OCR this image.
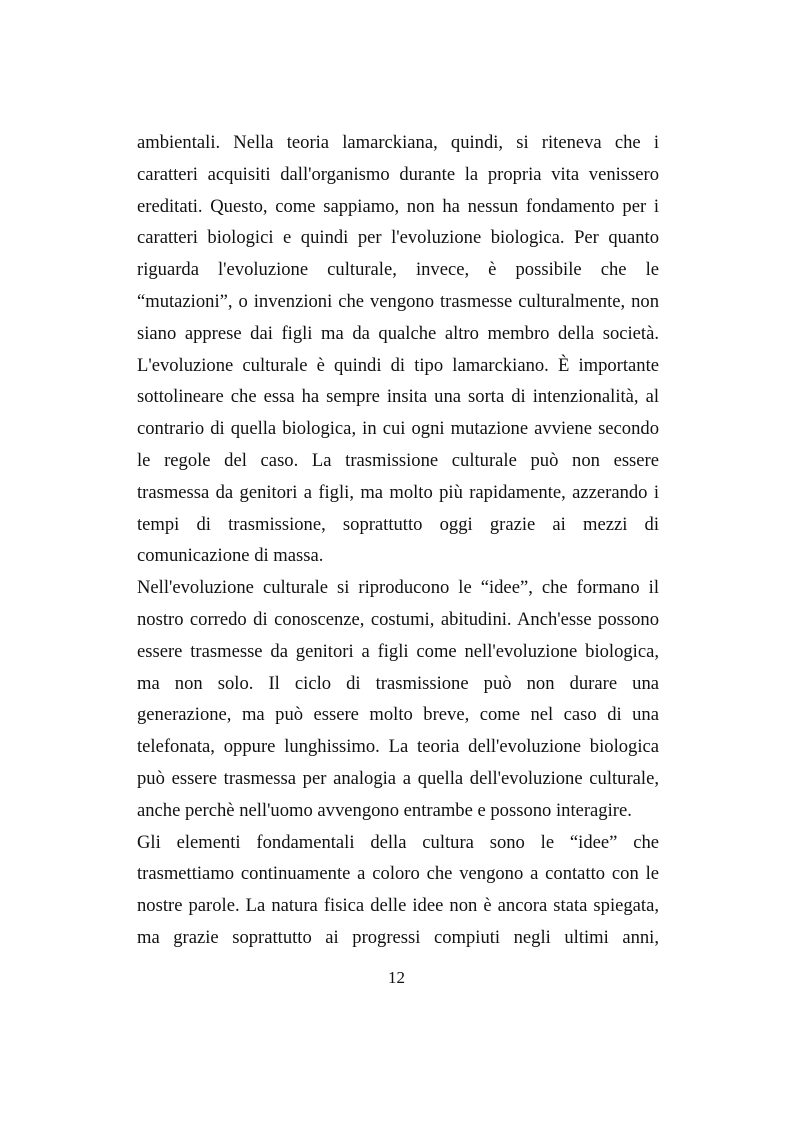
ambientali. Nella teoria lamarckiana, quindi, si riteneva che i
caratteri acquisiti dall'organismo durante la propria vita venissero
ereditati. Questo, come sappiamo, non ha nessun fondamento per i
caratteri biologici e quindi per l'evoluzione biologica. Per quanto
riguarda l'evoluzione culturale, invece, è possibile che le
“mutazioni”, o invenzioni che vengono trasmesse culturalmente, non
siano apprese dai figli ma da qualche altro membro della società.
L'evoluzione culturale è quindi di tipo lamarckiano. È importante
sottolineare che essa ha sempre insita una sorta di intenzionalità, al
contrario di quella biologica, in cui ogni mutazione avviene secondo
le regole del caso. La trasmissione culturale può non essere
trasmessa da genitori a figli, ma molto più rapidamente, azzerando i
tempi di trasmissione, soprattutto oggi grazie ai mezzi di
comunicazione di massa.
Nell'evoluzione culturale si riproducono le “idee”, che formano il
nostro corredo di conoscenze, costumi, abitudini. Anch'esse possono
essere trasmesse da genitori a figli come nell'evoluzione biologica,
ma non solo. Il ciclo di trasmissione può non durare una
generazione, ma può essere molto breve, come nel caso di una
telefonata, oppure lunghissimo. La teoria dell'evoluzione biologica
può essere trasmessa per analogia a quella dell'evoluzione culturale,
anche perchè nell'uomo avvengono entrambe e possono interagire.
Gli elementi fondamentali della cultura sono le “idee” che
trasmettiamo continuamente a coloro che vengono a contatto con le
nostre parole. La natura fisica delle idee non è ancora stata spiegata,
ma grazie soprattutto ai progressi compiuti negli ultimi anni,
12
